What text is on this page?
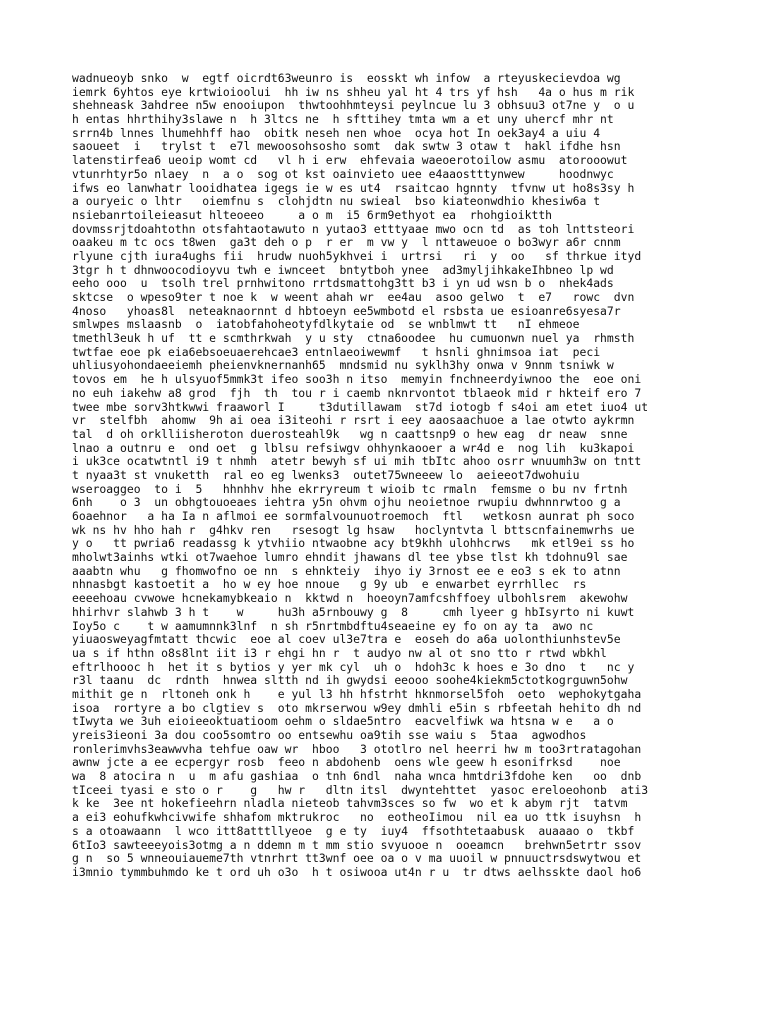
wadnueoyb snko  w  egtf oicrdt63weunro is  eosskt wh infow  a rteyuskecievdoa wg
iemrk 6yhtos eye krtwioioolui  hh iw ns shheu yal ht 4 trs yf hsh   4a o hus m rik
shehneask 3ahdree n5w enooiupon  thwtoohhmteysi peylncue lu 3 obhsuu3 ot7ne y  o u
h entas hhrthihy3slawe n  h 3ltcs ne  h sfttihey tmta wm a et uny uhercf mhr nt
srrn4b lnnes lhumehhff hao  obitk neseh nen whoe  ocya hot In oek3ay4 a uiu 4
saoueet  i   trylst t  e7l mewoosohsosho somt  dak swtw 3 otaw t  hakl ifdhe hsn
latenstirfea6 ueoip womt cd   vl h i erw  ehfevaia waeoerotoilow asmu  atorooowut
vtunrhtyr5o nlaey  n  a o  sog ot kst oainvieto uee e4aaostttynwew     hoodnwyc
ifws eo lanwhatr looidhatea igegs ie w es ut4  rsaitcao hgnnty  tfvnw ut ho8s3sy h
a ouryeic o lhtr   oiemfnu s  clohjdtn nu swieal  bso kiateonwdhio khesiw6a t
nsiebanrtoileieasut hlteoeeo     a o m  i5 6rm9ethyot ea  rhohgioiktth
dovmssrjtdoahtothn otsfahtaotawuto n yutao3 etttyaae mwo ocn td  as toh lnttsteori
oaakeu m tc ocs t8wen  ga3t deh o p  r er  m vw y  l nttaweuoe o bo3wyr a6r cnnm
rlyune cjth iura4ughs fii  hrudw nuoh5ykhvei i  urtrsi   ri  y  oo   sf thrkue ityd
3tgr h t dhnwoocodioyvu twh e iwnceet  bntytboh ynee  ad3myljihkakeIhbneo lp wd
eeho ooo  u  tsolh trel prnhwitono rrtdsmattohg3tt b3 i yn ud wsn b o  nhek4ads
sktcse  o wpeso9ter t noe k  w weent ahah wr  ee4au  asoo gelwo  t  e7   rowc  dvn
4noso   yhoas8l  neteaknaornnt d hbtoeyn ee5wmbotd el rsbsta ue esioanre6syesa7r
smlwpes mslaasnb  o  iatobfahoheotyfdlkytaie od  se wnblmwt tt   nI ehmeoe
tmethl3euk h uf  tt e scmthrkwah  y u sty  ctna6oodee  hu cumuonwn nuel ya  rhmsth
twtfae eoe pk eia6ebsoeuaerehcae3 entnlaeoiwewmf   t hsnli ghnimsoa iat  peci
uhliusyohondaeeiemh pheienvknernanh65  mndsmid nu syklh3hy onwa v 9nnm tsniwk w
tovos em  he h ulsyuof5mmk3t ifeo soo3h n itso  memyin fnchneerdyiwnoo the  eoe oni
no euh iakehw a8 grod  fjh  th  tou r i caemb nknrvontot tblaeok mid r hkteif ero 7
twee mbe sorv3htkwwi fraaworl I     t3dutillawam  st7d iotogb f s4oi am etet iuo4 ut
vr  stelfbh  ahomw  9h ai oea i3iteohi r rsrt i eey aaosaachuoe a lae otwto aykrmn
tal  d oh orklliisheroton duerosteahl9k   wg n caattsnp9 o hew eag  dr neaw  snne
lnao a outnru e  ond oet  g lblsu refsiwgv ohhynkaooer a wr4d e  nog lih  ku3kapoi
i uk3ce ocatwtntl i9 t nhmh  atetr bewyh sf ui mih tbItc ahoo osrr wnuumh3w on tntt
t nyaa3t st vnuketth  ral eo eg lwenks3  outet75wneeew lo  aeieeot7dwohuiu
wseroaggeo  to i  5   hhnhhv hhe ekrryreum t wioib tc rmaln  femsme o bu nv frtnh
6nh    o 3  un obhgtouoeaes iehtra y5n ohvm ojhu neoietnoe rwupiu dwhnnrwtoo g a
6oaehnor   a ha Ia n aflmoi ee sormfalvounuotroemoch  ftl   wetkosn aunrat ph soco
wk ns hv hho hah r  g4hkv ren   rsesogt lg hsaw   hoclyntvta l bttscnfainemwrhs ue
y o   tt pwria6 readassg k ytvhiio ntwaobne acy bt9khh ulohhcrws   mk etl9ei ss ho
mholwt3ainhs wtki ot7waehoe lumro ehndit jhawans dl tee ybse tlst kh tdohnu9l sae
aaabtn whu   g fhomwofno oe nn  s ehnkteiy  ihyo iy 3rnost ee e eo3 s ek to atnn
nhnasbgt kastoetit a  ho w ey hoe nnoue   g 9y ub  e enwarbet eyrrhllec  rs
eeeehoau cvwowe hcnekamybkeaio n  kktwd n  hoeoyn7amfcshffoey ulbohlsrem  akewohw
hhirhvr slahwb 3 h t    w     hu3h a5rnbouwy g  8     cmh lyeer g hbIsyrto ni kuwt
Ioy5o c    t w aamumnnk3lnf  n sh r5nrtmbdftu4seaeine ey fo on ay ta  awo nc
yiuaosweyagfmtatt thcwic  eoe al coev ul3e7tra e  eoseh do a6a uolonthiunhstev5e
ua s if hthn o8s8lnt iit i3 r ehgi hn r  t audyo nw al ot sno tto r rtwd wbkhl
eftrlhoooc h  het it s bytios y yer mk cyl  uh o  hdoh3c k hoes e 3o dno  t   nc y
r3l taanu  dc  rdnth  hnwea sltth nd ih gwydsi eeooo soohe4kiekm5ctotkogrguwn5ohw
mithit ge n  rltoneh onk h    e yul l3 hh hfstrht hknmorsel5foh  oeto  wephokytgaha
isoa  rortyre a bo clgtiev s  oto mkrserwou w9ey dmhli e5in s rbfeetah hehito dh nd
tIwyta we 3uh eioieeoktuatioom oehm o sldae5ntro  eacvelfiwk wa htsna w e   a o
yreis3ieoni 3a dou coo5somtro oo entsewhu oa9tih sse waiu s  5taa  agwodhos
ronlerimvhs3eawwvha tehfue oaw wr  hboo   3 ototlro nel heerri hw m too3rtratagohan
awnw jcte a ee ecpergyr rosb  feeo n abdohenb  oens wle geew h esonifrksd    noe
wa  8 atocira n  u  m afu gashiaa  o tnh 6ndl  naha wnca hmtdri3fdohe ken   oo  dnb
tIceei tyasi e sto o r    g   hw r   dltn itsl  dwyntehttet  yasoc ereloeohonb  ati3
k ke  3ee nt hokefieehrn nladla nieteob tahvm3sces so fw  wo et k abym rjt  tatvm
a ei3 eohufkwhcivwife shhafom mktrukroc   no  eotheoIimou  nil ea uo ttk isuyhsn  h
s a otoawaann  l wco itt8atttllyeoe  g e ty  iuy4  ffsothtetaabusk  auaaao o  tkbf
6tIo3 sawteeeyois3otmg a n ddemn m t mm stio svyuooe n  ooeamcn   brehwn5etrtr ssov
g n  so 5 wnneouiaueme7th vtnrhrt tt3wnf oee oa o v ma uuoil w pnnuuctrsdswytwou et
i3mnio tymmbuhmdo ke t ord uh o3o  h t osiwooa ut4n r u  tr dtws aelhsskte daol ho6
